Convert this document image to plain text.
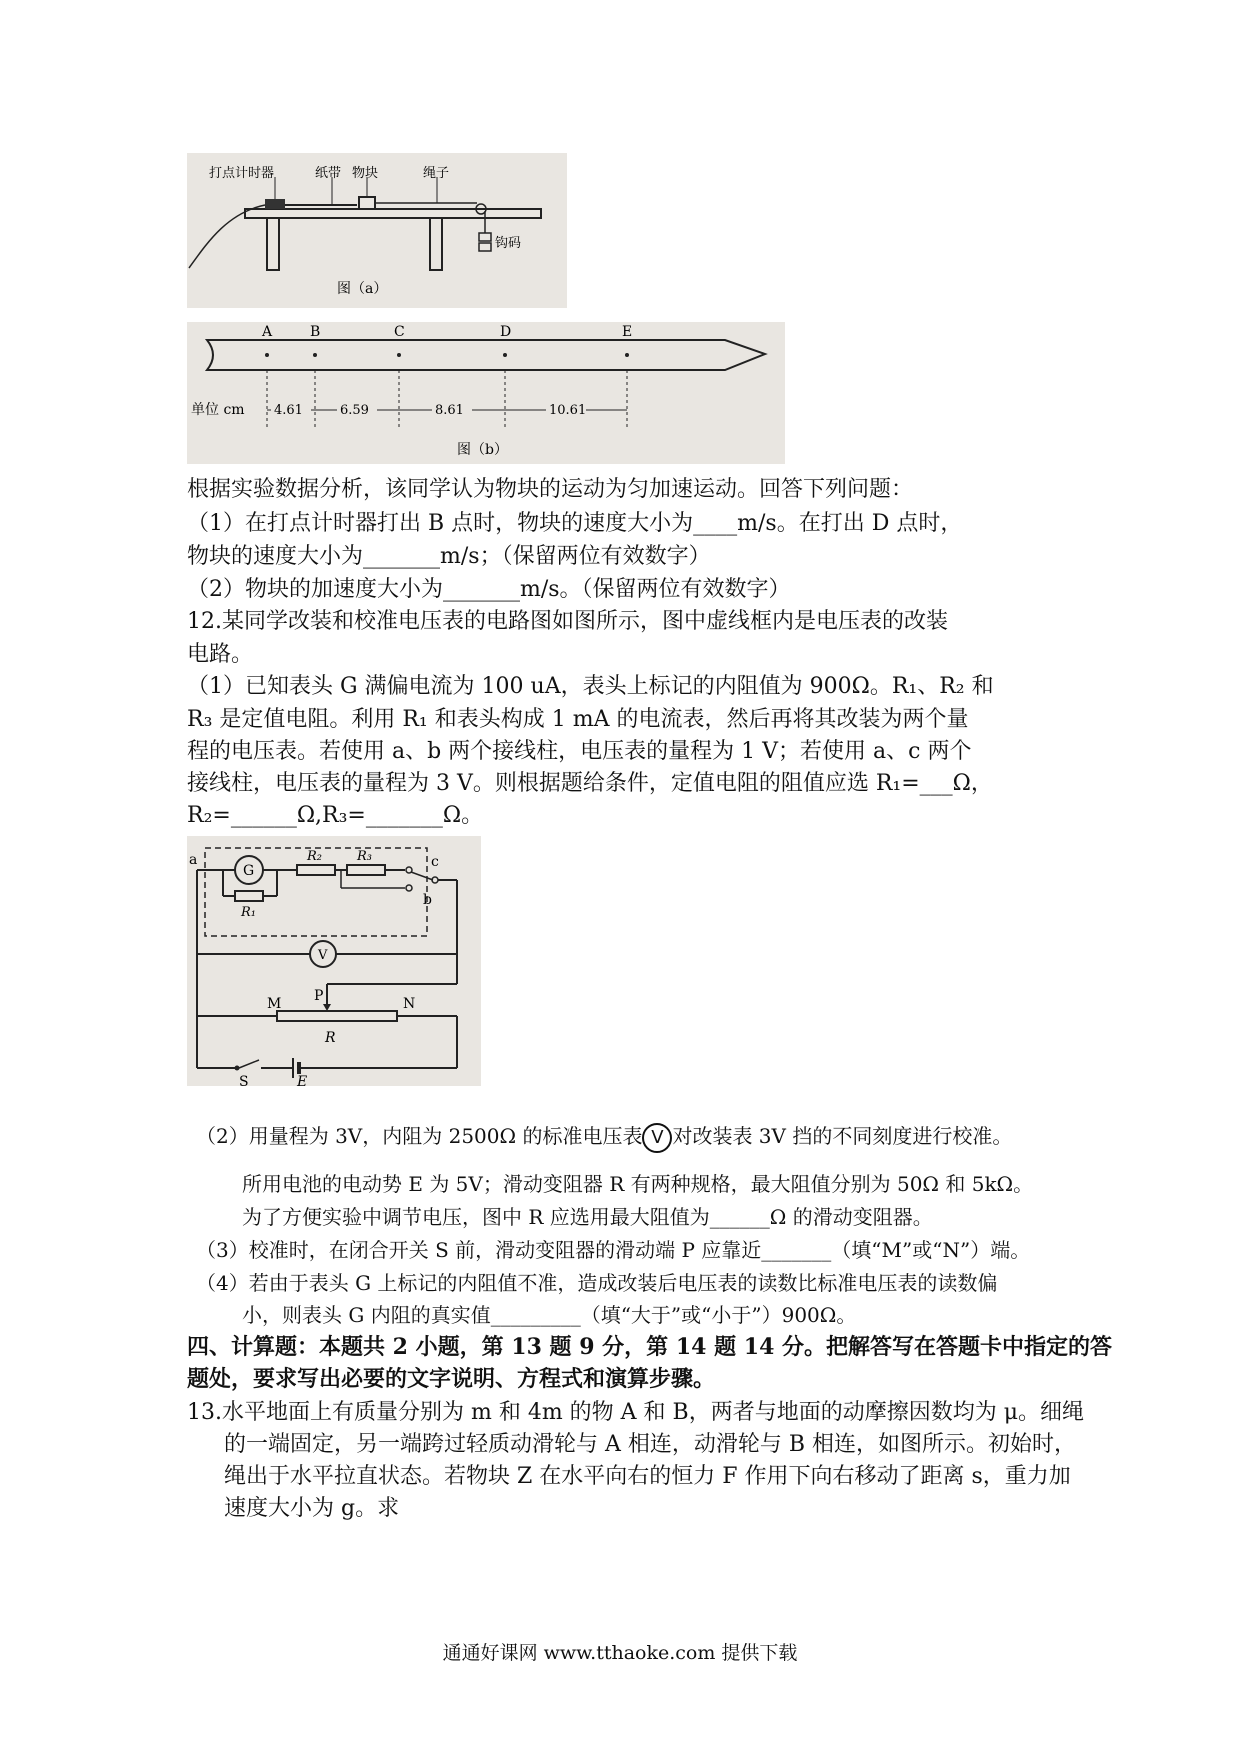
打点计时器	纸带 物块	绳子
钩码
图（a）
A	B	C	D	E
4.61	6.59	8.61	10.61
单位 cm
图（b）
根据实验数据分析，该同学认为物块的运动为匀加速运动。回答下列问题：
（1）在打点计时器打出 B 点时，物块的速度大小为____m/s。在打出 D 点时，
物块的速度大小为_______m/s；（保留两位有效数字）
（2）物块的加速度大小为_______m/s。（保留两位有效数字）
12.某同学改装和校准电压表的电路图如图所示，图中虚线框内是电压表的改装
电路。
（1）已知表头 G 满偏电流为 100 uA，表头上标记的内阻值为 900Ω。R₁、R₂ 和
R₃ 是定值电阻。利用 R₁ 和表头构成 1 mA 的电流表，然后再将其改装为两个量
程的电压表。若使用 a、b 两个接线柱，电压表的量程为 1 V；若使用 a、c 两个
接线柱，电压表的量程为 3 V。则根据题给条件，定值电阻的阻值应选 R₁=___Ω，
R₂=______Ω,R₃=_______Ω。
a
G
R₁
R₂	R₃	c
b
V
M P	N
R
S	E
（2）用量程为 3V，内阻为 2500Ω 的标准电压表 V 对改装表 3V 挡的不同刻度进行校准。
所用电池的电动势 E 为 5V；滑动变阻器 R 有两种规格，最大阻值分别为 50Ω 和 5kΩ。
为了方便实验中调节电压，图中 R 应选用最大阻值为______Ω 的滑动变阻器。
（3）校准时，在闭合开关 S 前，滑动变阻器的滑动端 P 应靠近_______（填“M”或“N”）端。
（4）若由于表头 G 上标记的内阻值不准，造成改装后电压表的读数比标准电压表的读数偏
小，则表头 G 内阻的真实值_________（填“大于”或“小于”）900Ω。
四、计算题：本题共 2 小题，第 13 题 9 分，第 14 题 14 分。把解答写在答题卡中指定的答
题处，要求写出必要的文字说明、方程式和演算步骤。
13.水平地面上有质量分别为 m 和 4m 的物 A 和 B，两者与地面的动摩擦因数均为 μ。细绳
的一端固定，另一端跨过轻质动滑轮与 A 相连，动滑轮与 B 相连，如图所示。初始时，
绳出于水平拉直状态。若物块 Z 在水平向右的恒力 F 作用下向右移动了距离 s，重力加
速度大小为 g。求
通通好课网 www.tthaoke.com 提供下载
